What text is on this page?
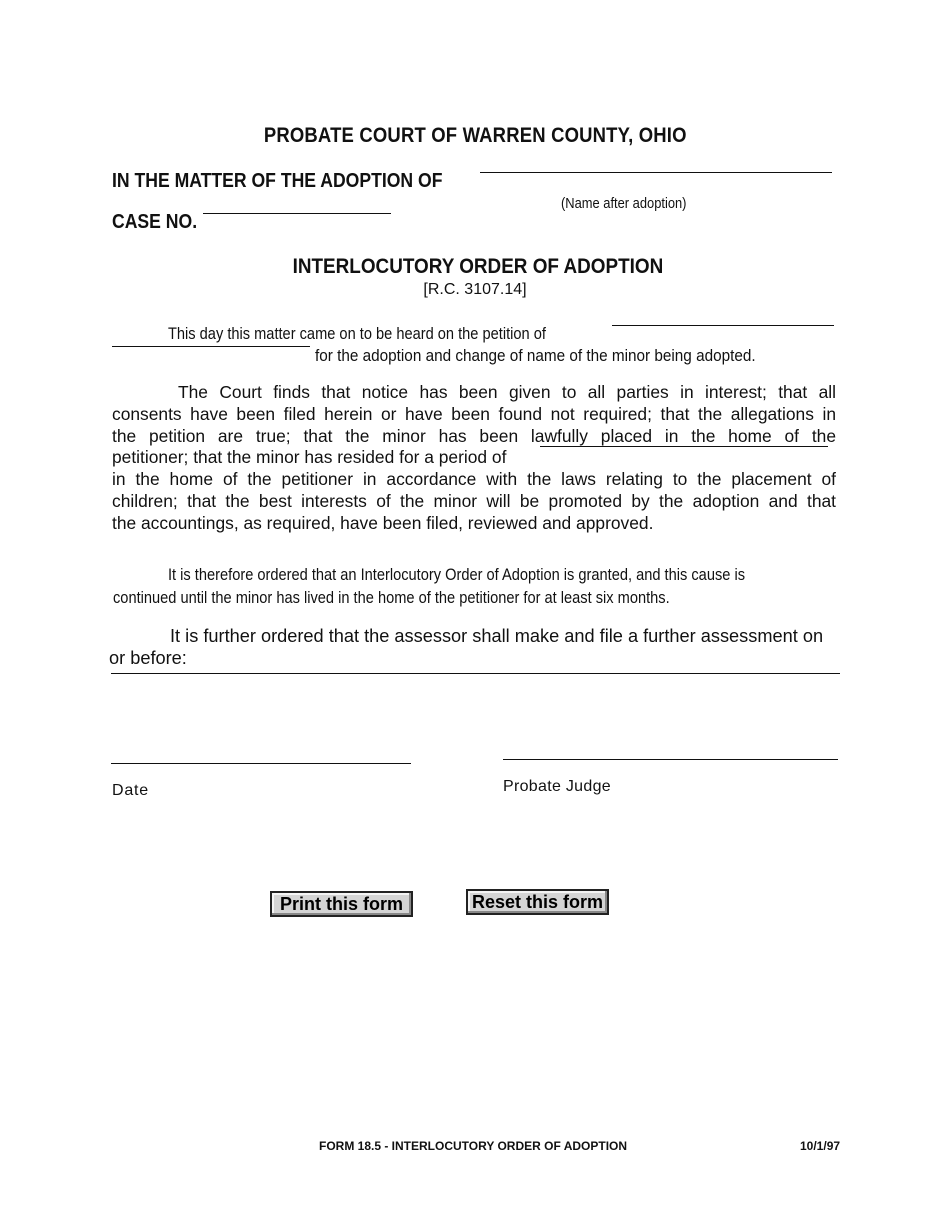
PROBATE COURT OF WARREN COUNTY, OHIO
IN THE MATTER OF THE ADOPTION OF
(Name after adoption)
CASE NO.
INTERLOCUTORY ORDER OF ADOPTION
[R.C. 3107.14]
This day this matter came on to be heard on the petition of
for the adoption and change of name of the minor being adopted.
The Court finds that notice has been given to all parties in interest; that all
consents have been filed herein or have been found not required; that the allegations in
the petition are true; that the minor has been lawfully placed in the home of the
petitioner; that the minor has resided for a period of
in the home of the petitioner in accordance with the laws relating to the placement of
children; that the best interests of the minor will be promoted by the adoption and that
the accountings, as required, have been filed, reviewed and approved.
It is therefore ordered that an Interlocutory Order of Adoption is granted, and this cause is
continued until the minor has lived in the home of the petitioner for at least six months.
It is further ordered that the assessor shall make and file a further assessment on
or before:
Date	Probate Judge
Print this form	Reset this form
FORM 18.5 - INTERLOCUTORY ORDER OF ADOPTION	10/1/97
